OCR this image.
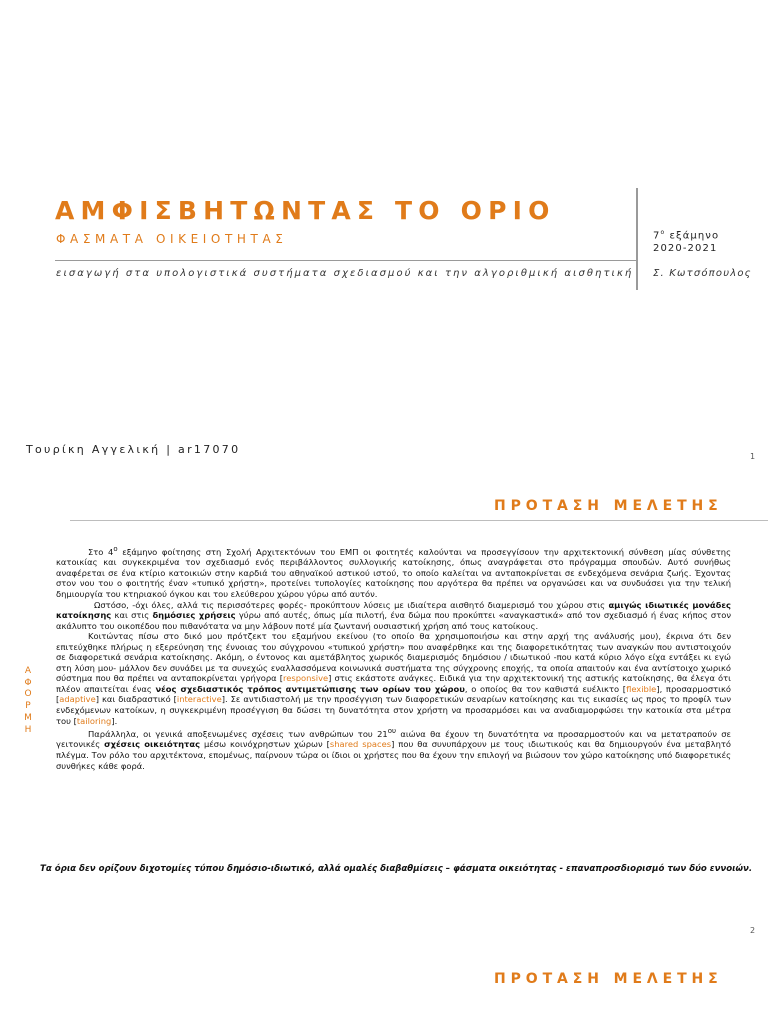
ΑΜΦΙΣΒΗΤΩΝΤΑΣ ΤΟ ΟΡΙΟ
ΦΑΣΜΑΤΑ ΟΙΚΕΙΟΤΗΤΑΣ	$7^o$ εξάμηνο
2020-2021
εισαγωγή στα υπολογιστικά συστήματα σχεδιασμού και την αλγοριθμική αισθητική Σ. Κωτσόπουλος
Τουρίκη Αγγελική | ar17070
1
ΠΡΟΤΑΣΗ ΜΕΛΕΤΗΣ
Α
Φ
Ο
Ρ
Μ
Η

Στο $4^o$ εξάμηνο φοίτησης στη Σχολή Αρχιτεκτόνων του ΕΜΠ οι φοιτητές καλούνται να προσεγγίσουν την αρχιτεκτονική σύνθεση μίας σύνθετης κατοικίας και συγκεκριμένα τον σχεδιασμό ενός περιβάλλοντος συλλογικής κατοίκησης, όπως αναγράφεται στο πρόγραμμα σπουδών. Αυτό συνήθως αναφέρεται σε ένα κτίριο κατοικιών στην καρδιά του αθηναϊκού αστικού ιστού, το οποίο καλείται να ανταποκρίνεται σε ενδεχόμενα σενάρια ζωής. Έχοντας στον νου του ο φοιτητής έναν «τυπικό χρήστη», προτείνει τυπολογίες κατοίκησης που αργότερα θα πρέπει να οργανώσει και να συνδυάσει για την τελική δημιουργία του κτηριακού όγκου και του ελεύθερου χώρου γύρω από αυτόν.

Ωστόσο, -όχι όλες, αλλά τις περισσότερες φορές- προκύπτουν λύσεις με ιδιαίτερα αισθητό διαμερισμό του χώρου στις αμιγώς ιδιωτικές μονάδες κατοίκησης και στις δημόσιες χρήσεις γύρω από αυτές, όπως μία πιλοτή, ένα δώμα που προκύπτει «αναγκαστικά» από τον σχεδιασμό ή ένας κήπος στον ακάλυπτο του οικοπέδου που πιθανότατα να μην λάβουν ποτέ μία ζωντανή ουσιαστική χρήση από τους κατοίκους.

Κοιτώντας πίσω στο δικό μου πρότζεκτ του εξαμήνου εκείνου (το οποίο θα χρησιμοποιήσω και στην αρχή της ανάλυσής μου), έκρινα ότι δεν επιτεύχθηκε πλήρως η εξερεύνηση της έννοιας του σύγχρονου «τυπικού χρήστη» που αναφέρθηκε και της διαφορετικότητας των αναγκών που αντιστοιχούν σε διαφορετικά σενάρια κατοίκησης. Ακόμη, ο έντονος και αμετάβλητος χωρικός διαμερισμός δημόσιου / ιδιωτικού -που κατά κύριο λόγο είχα εντάξει κι εγώ στη λύση μου- μάλλον δεν συνάδει με τα συνεχώς εναλλασσόμενα κοινωνικά συστήματα της σύγχρονης εποχής, τα οποία απαιτούν και ένα αντίστοιχο χωρικό σύστημα που θα πρέπει να ανταποκρίνεται γρήγορα [responsive] στις εκάστοτε ανάγκες. Ειδικά για την αρχιτεκτονική της αστικής κατοίκησης, θα έλεγα ότι πλέον απαιτείται ένας νέος σχεδιαστικός τρόπος αντιμετώπισης των ορίων του χώρου, ο οποίος θα τον καθιστά ευέλικτο [flexible], προσαρμοστικό [adaptive] και διαδραστικό [interactive]. Σε αντιδιαστολή με την προσέγγιση των διαφορετικών σεναρίων κατοίκησης και τις εικασίες ως προς το προφίλ των ενδεχόμενων κατοίκων, η συγκεκριμένη προσέγγιση θα δώσει τη δυνατότητα στον χρήστη να προσαρμόσει και να αναδιαμορφώσει την κατοικία στα μέτρα του [tailoring].

Παράλληλα, οι γενικά αποξενωμένες σχέσεις των ανθρώπων του $21^{o\upsilon}$ αιώνα θα έχουν τη δυνατότητα να προσαρμοστούν και να μετατραπούν σε γειτονικές σχέσεις οικειότητας μέσω κοινόχρηστων χώρων [shared spaces] που θα συνυπάρχουν με τους ιδιωτικούς και θα δημιουργούν ένα μεταβλητό πλέγμα. Τον ρόλο του αρχιτέκτονα, επομένως, παίρνουν τώρα οι ίδιοι οι χρήστες που θα έχουν την επιλογή να βιώσουν τον χώρο κατοίκησης υπό διαφορετικές συνθήκες κάθε φορά.

Τα όρια δεν ορίζουν διχοτομίες τύπου δημόσιο-ιδιωτικό, αλλά ομαλές διαβαθμίσεις – φάσματα οικειότητας - επαναπροσδιορισμό των δύο εννοιών.
2
ΠΡΟΤΑΣΗ ΜΕΛΕΤΗΣ
